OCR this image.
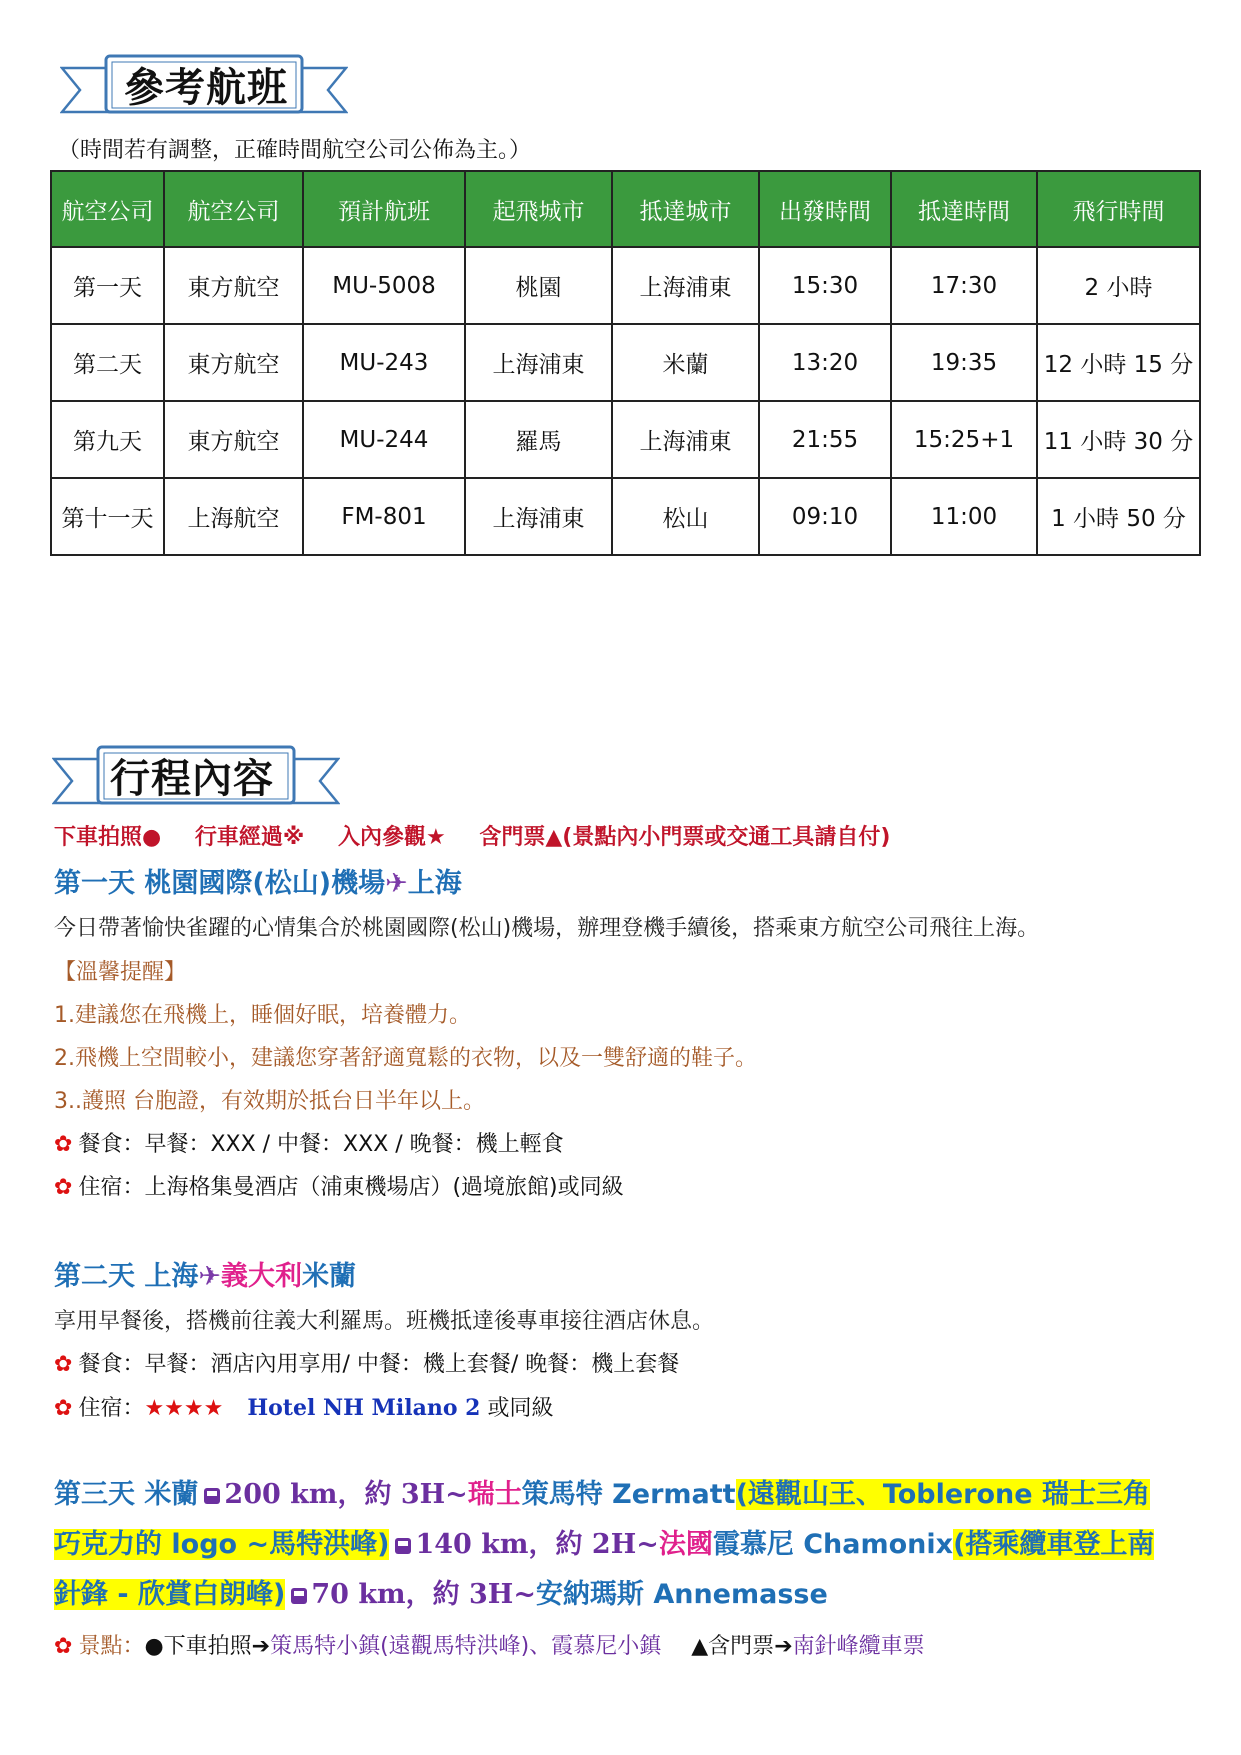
參考航班
（時間若有調整，正確時間航空公司公佈為主。）
航空公司	航空公司	預計航班	起飛城市	抵達城市	出發時間	抵達時間	飛行時間
第一天	東方航空	MU-5008	桃園	上海浦東	15:30	17:30	2 小時
第二天	東方航空	MU-243	上海浦東	米蘭	13:20	19:35	12 小時 15 分
第九天	東方航空	MU-244	羅馬	上海浦東	21:55	15:25+1	11 小時 30 分
第十一天	上海航空	FM-801	上海浦東	松山	09:10	11:00	1 小時 50 分
行程內容
下車拍照● 行車經過※ 入內參觀★ 含門票▲(景點內小門票或交通工具請自付)
第一天 桃園國際(松山)機場✈上海
今日帶著愉快雀躍的心情集合於桃園國際(松山)機場，辦理登機手續後，搭乘東方航空公司飛往上海。
【溫馨提醒】
1.建議您在飛機上，睡個好眠，培養體力。
2.飛機上空間較小，建議您穿著舒適寬鬆的衣物，以及一雙舒適的鞋子。
3..護照 台胞證，有效期於抵台日半年以上。
✿ 餐食：早餐：XXX / 中餐：XXX / 晚餐：機上輕食
✿ 住宿：上海格集曼酒店（浦東機場店）(過境旅館)或同級
第二天 上海✈義大利米蘭
享用早餐後，搭機前往義大利羅馬。班機抵達後專車接往酒店休息。
✿ 餐食：早餐：酒店內用享用/ 中餐：機上套餐/ 晚餐：機上套餐
✿ 住宿：★★★★ Hotel NH Milano 2 或同級
第三天 米蘭 200 km，約 3H~瑞士策馬特 Zermatt(遠觀山王、Toblerone 瑞士三角
巧克力的 logo ~馬特洪峰) 140 km，約 2H~法國霞慕尼 Chamonix(搭乘纜車登上南
針鋒 - 欣賞白朗峰) 70 km，約 3H~安納瑪斯 Annemasse
✿ 景點：●下車拍照➔策馬特小鎮(遠觀馬特洪峰)、霞慕尼小鎮 ▲含門票➔南針峰纜車票
